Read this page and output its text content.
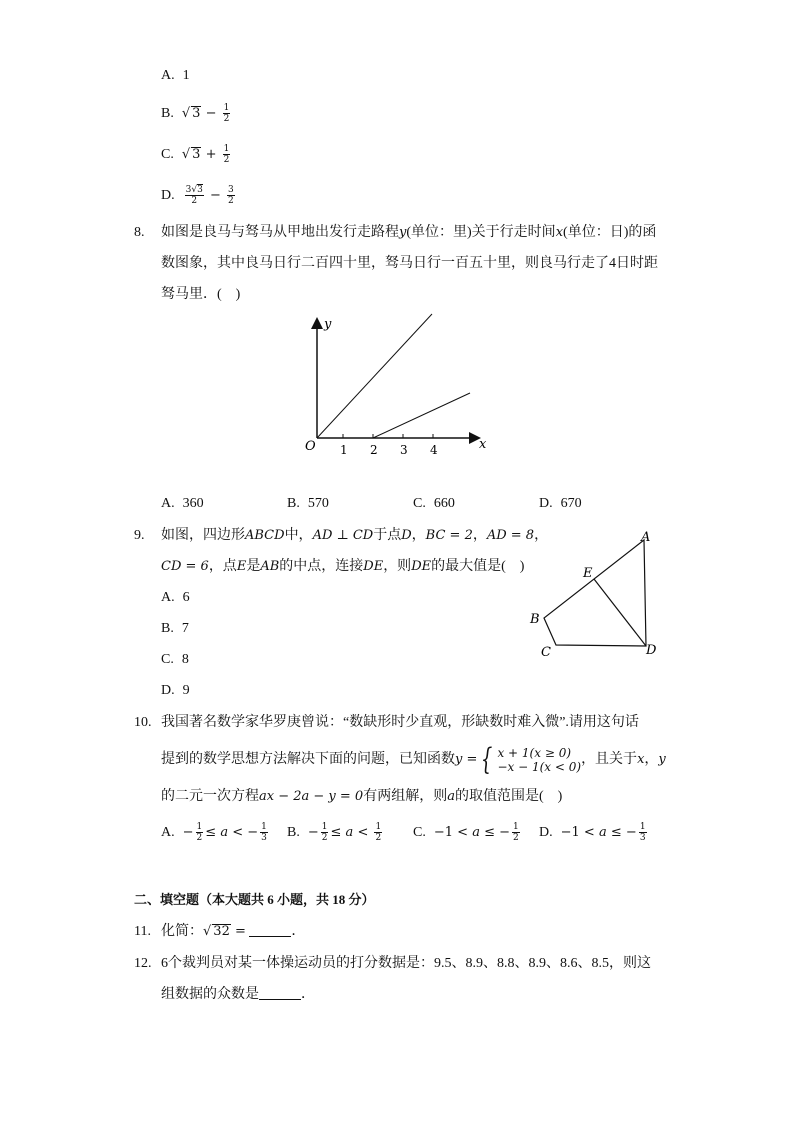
A. 1
B. √ $3 - \frac{1}{2}$
C. √ $3 + \frac{1}{2}$
D. $\frac{3√3}{2} - \frac{3}{2}$
8. 如图是良马与驽马从甲地出发行走路程y(单位：里)关于行走时间x(单位：日)的函
数图象，其中良马日行二百四十里，驽马日行一百五十里，则良马行走了4日时距
驽马里．(　)
y
x
O 1 2 3 4
A. 360	B. 570	C. 660	D. 670
9. 如图，四边形ABCD中，AD ⊥ CD于点D，BC = 2，AD = 8，
CD = 6，点E是AB的中点，连接DE，则DE的最大值是(　)
A
E
B
C	D
A. 6
B. 7
C. 8
D. 9
10. 我国著名数学家华罗庚曾说：“数缺形时少直观，形缺数时难入微”.请用这句话
提到的数学思想方法解决下面的问题，已知函数y = { x + 1(x ≥ 0)
−x − 1(x < 0) ，且关于x，y
的二元一次方程ax − 2a − y = 0有两组解，则a的取值范围是(　)
A. − $\frac{1}{2} \le a$ < − $\frac{1}{3} B$. − $\frac{1}{2} \le a < \frac{1}{2} C$. −1 < a ≤ − $\frac{1}{2} D$. −1 < a ≤ − $\frac{1}{3}$
二、填空题（本大题共 6 小题，共 18 分）
11. 化简：√ 32 =	．
12. 6个裁判员对某一体操运动员的打分数据是：9.5、8.9、8.8、8.9、8.6、8.5，则这
组数据的众数是	．
